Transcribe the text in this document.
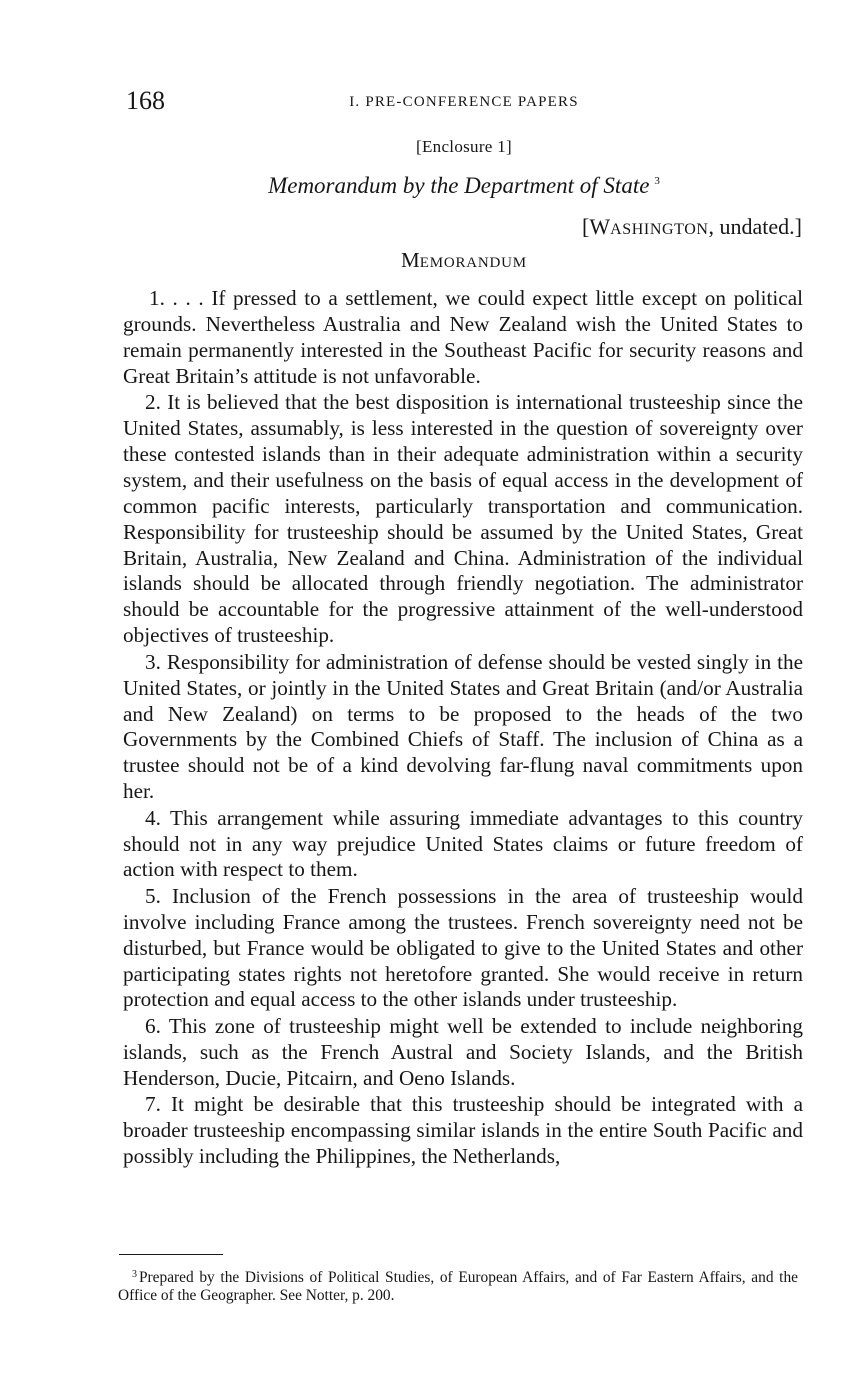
168	I. PRE-CONFERENCE PAPERS
[Enclosure 1]
Memorandum by the Department of State $^3$
[WASHINGTON, undated.]
MEMORANDUM

1. . . . If pressed to a settlement, we could expect little except on political grounds. Nevertheless Australia and New Zealand wish the United States to remain permanently interested in the Southeast Pacific for security reasons and Great Britain’s attitude is not unfavorable.

2. It is believed that the best disposition is international trusteeship since the United States, assumably, is less interested in the question of sovereignty over these contested islands than in their adequate administration within a security system, and their usefulness on the basis of equal access in the development of common pacific interests, particularly transportation and communication. Responsibility for trusteeship should be assumed by the United States, Great Britain, Australia, New Zealand and China. Administration of the individual islands should be allocated through friendly negotiation. The administrator should be accountable for the progressive attainment of the well-understood objectives of trusteeship.

3. Responsibility for administration of defense should be vested singly in the United States, or jointly in the United States and Great Britain (and/or Australia and New Zealand) on terms to be proposed to the heads of the two Governments by the Combined Chiefs of Staff. The inclusion of China as a trustee should not be of a kind devolving far-flung naval commitments upon her.

4. This arrangement while assuring immediate advantages to this country should not in any way prejudice United States claims or future freedom of action with respect to them.

5. Inclusion of the French possessions in the area of trusteeship would involve including France among the trustees. French sovereignty need not be disturbed, but France would be obligated to give to the United States and other participating states rights not heretofore granted. She would receive in return protection and equal access to the other islands under trusteeship.

6. This zone of trusteeship might well be extended to include neighboring islands, such as the French Austral and Society Islands, and the British Henderson, Ducie, Pitcairn, and Oeno Islands.

7. It might be desirable that this trusteeship should be integrated with a broader trusteeship encompassing similar islands in the entire South Pacific and possibly including the Philippines, the Netherlands,

$^3$ Prepared by the Divisions of Political Studies, of European Affairs, and of Far Eastern Affairs, and the Office of the Geographer. See Notter, p. 200.
